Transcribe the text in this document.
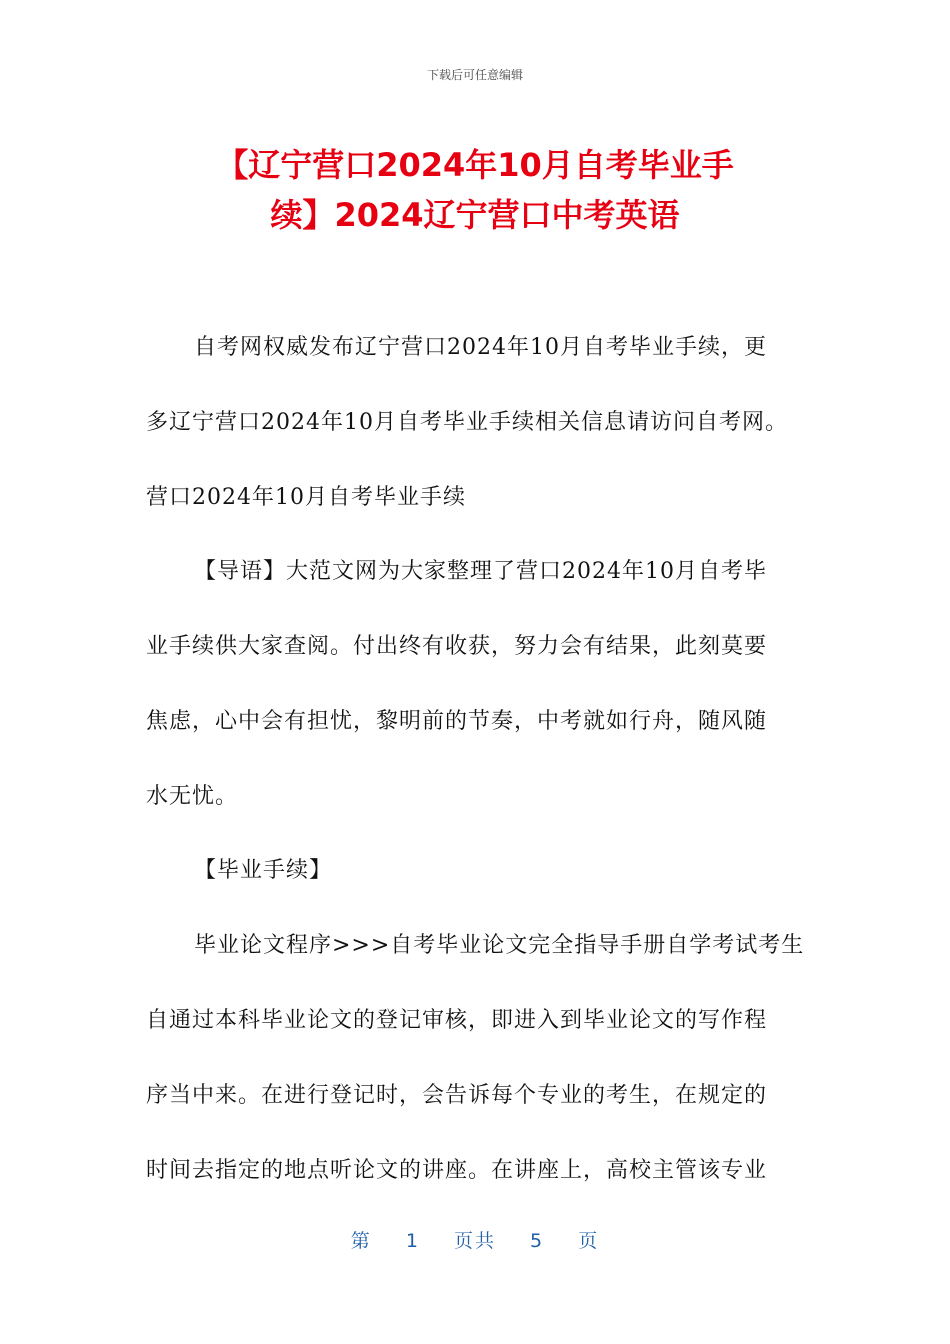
下载后可任意编辑
【辽宁营口2024年10月自考毕业手
续】2024辽宁营口中考英语
自考网权威发布辽宁营口2024年10月自考毕业手续，更
多辽宁营口2024年10月自考毕业手续相关信息请访问自考网。
营口2024年10月自考毕业手续
【导语】大范文网为大家整理了营口2024年10月自考毕
业手续供大家查阅。付出终有收获，努力会有结果，此刻莫要
焦虑，心中会有担忧，黎明前的节奏，中考就如行舟，随风随
水无忧。
【毕业手续】
毕业论文程序>>>自考毕业论文完全指导手册自学考试考生
自通过本科毕业论文的登记审核，即进入到毕业论文的写作程
序当中来。在进行登记时，会告诉每个专业的考生，在规定的
时间去指定的地点听论文的讲座。在讲座上，高校主管该专业
第 1 页共 5 页
